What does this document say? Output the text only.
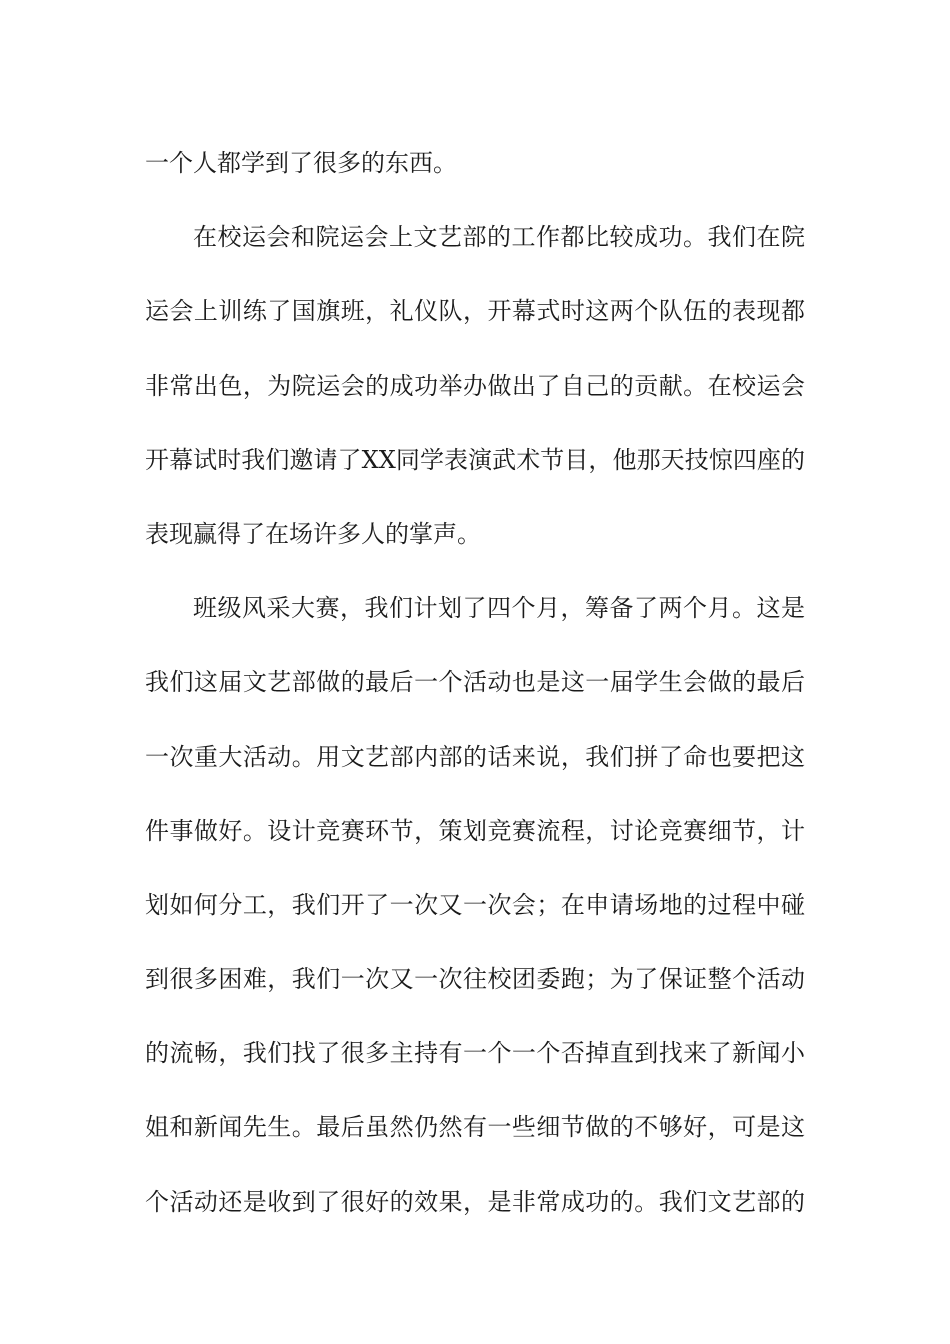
一个人都学到了很多的东西。
在校运会和院运会上文艺部的工作都比较成功。我们在院
运会上训练了国旗班，礼仪队，开幕式时这两个队伍的表现都
非常出色，为院运会的成功举办做出了自己的贡献。在校运会
开幕试时我们邀请了XX同学表演武术节目，他那天技惊四座的
表现赢得了在场许多人的掌声。
班级风采大赛，我们计划了四个月，筹备了两个月。这是
我们这届文艺部做的最后一个活动也是这一届学生会做的最后
一次重大活动。用文艺部内部的话来说，我们拼了命也要把这
件事做好。设计竞赛环节，策划竞赛流程，讨论竞赛细节，计
划如何分工，我们开了一次又一次会；在申请场地的过程中碰
到很多困难，我们一次又一次往校团委跑；为了保证整个活动
的流畅，我们找了很多主持有一个一个否掉直到找来了新闻小
姐和新闻先生。最后虽然仍然有一些细节做的不够好，可是这
个活动还是收到了很好的效果，是非常成功的。我们文艺部的
